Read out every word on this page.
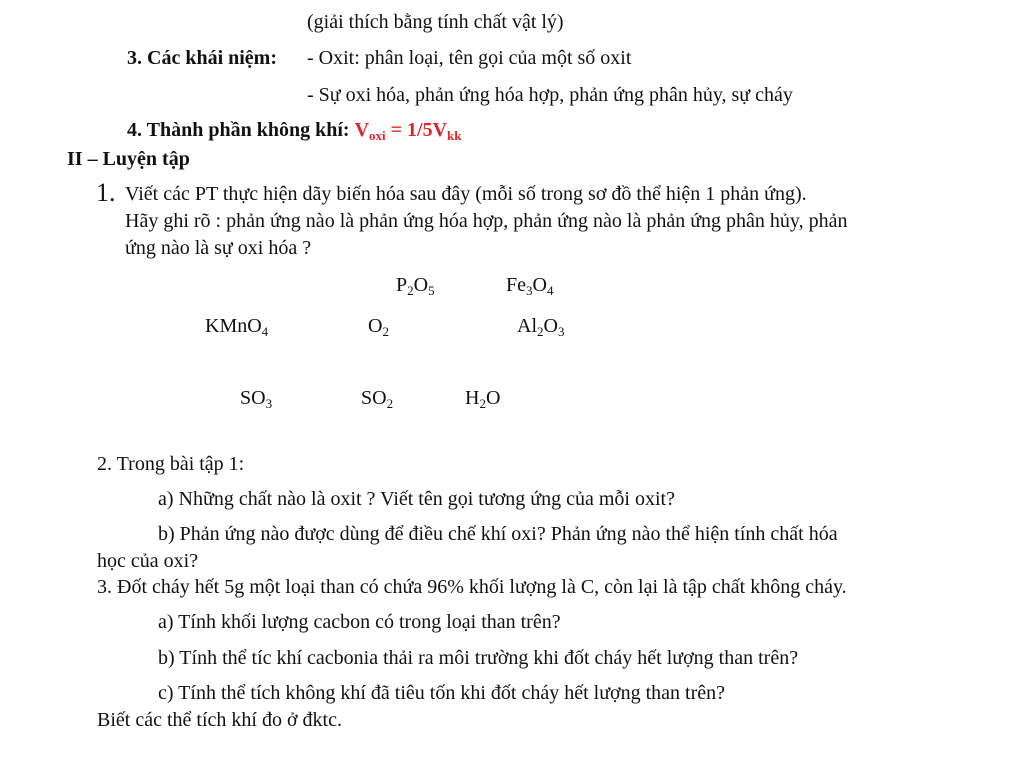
(giải thích bằng tính chất vật lý)
3. Các khái niệm: - Oxit: phân loại, tên gọi của một số oxit
- Sự oxi hóa, phản ứng hóa hợp, phản ứng phân hủy, sự cháy
4. Thành phần không khí: $V_{oxi} = 1/5V_{kk}$
II – Luyện tập
1. Viết các PT thực hiện dãy biến hóa sau đây (mỗi số trong sơ đồ thể hiện 1 phản ứng).
Hãy ghi rõ : phản ứng nào là phản ứng hóa hợp, phản ứng nào là phản ứng phân hủy, phản
ứng nào là sự oxi hóa ?
$P_2O_5$	$Fe_3O_4$
KMnO$_4$	$O_2$	$Al_2O_3$
$SO_3$	$SO_2$	$H_2O$
2. Trong bài tập 1:
a) Những chất nào là oxit ? Viết tên gọi tương ứng của mỗi oxit?
b) Phản ứng nào được dùng để điều chế khí oxi? Phản ứng nào thể hiện tính chất hóa
học của oxi?
3. Đốt cháy hết 5g một loại than có chứa 96% khối lượng là C, còn lại là tập chất không cháy.
a) Tính khối lượng cacbon có trong loại than trên?
b) Tính thể tíc khí cacbonia thải ra môi trường khi đốt cháy hết lượng than trên?
c) Tính thể tích không khí đã tiêu tốn khi đốt cháy hết lượng than trên?
Biết các thể tích khí đo ở đktc.
